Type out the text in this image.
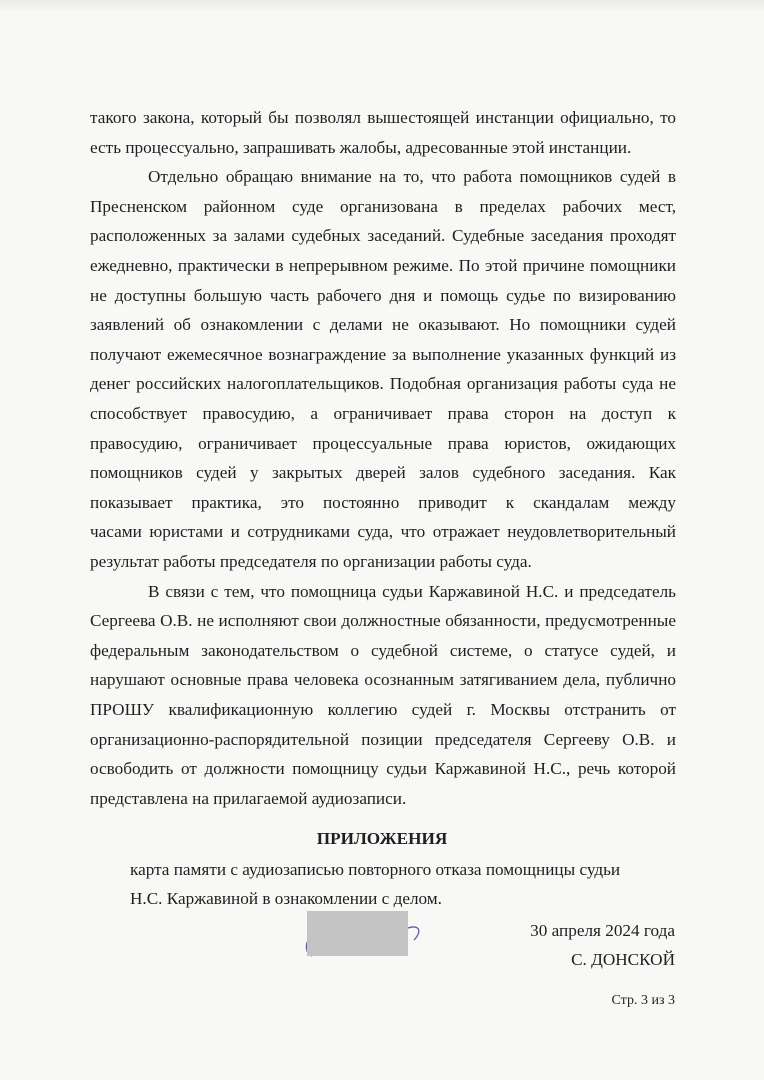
такого закона, который бы позволял вышестоящей инстанции официально, то
есть процессуально, запрашивать жалобы, адресованные этой инстанции.
Отдельно обращаю внимание на то, что работа помощников судей в
Пресненском районном суде организована в пределах рабочих мест,
расположенных за залами судебных заседаний. Судебные заседания проходят
ежедневно, практически в непрерывном режиме. По этой причине помощники
не доступны большую часть рабочего дня и помощь судье по визированию
заявлений об ознакомлении с делами не оказывают. Но помощники судей
получают ежемесячное вознаграждение за выполнение указанных функций из
денег российских налогоплательщиков. Подобная организация работы суда не
способствует правосудию, а ограничивает права сторон на доступ к
правосудию, ограничивает процессуальные права юристов, ожидающих
помощников судей у закрытых дверей залов судебного заседания. Как
показывает практика, это постоянно приводит к скандалам между
часами юристами и сотрудниками суда, что отражает неудовлетворительный
результат работы председателя по организации работы суда.
В связи с тем, что помощница судьи Каржавиной Н.С. и председатель
Сергеева О.В. не исполняют свои должностные обязанности, предусмотренные
федеральным законодательством о судебной системе, о статусе судей, и
нарушают основные права человека осознанным затягиванием дела, публично
ПРОШУ квалификационную коллегию судей г. Москвы отстранить от
организационно-распорядительной позиции председателя Сергееву О.В. и
освободить от должности помощницу судьи Каржавиной Н.С., речь которой
представлена на прилагаемой аудиозаписи.
ПРИЛОЖЕНИЯ
карта памяти с аудиозаписью повторного отказа помощницы судьи
Н.С. Каржавиной в ознакомлении с делом.
30 апреля 2024 года
С. ДОНСКОЙ
Стр. 3 из 3
